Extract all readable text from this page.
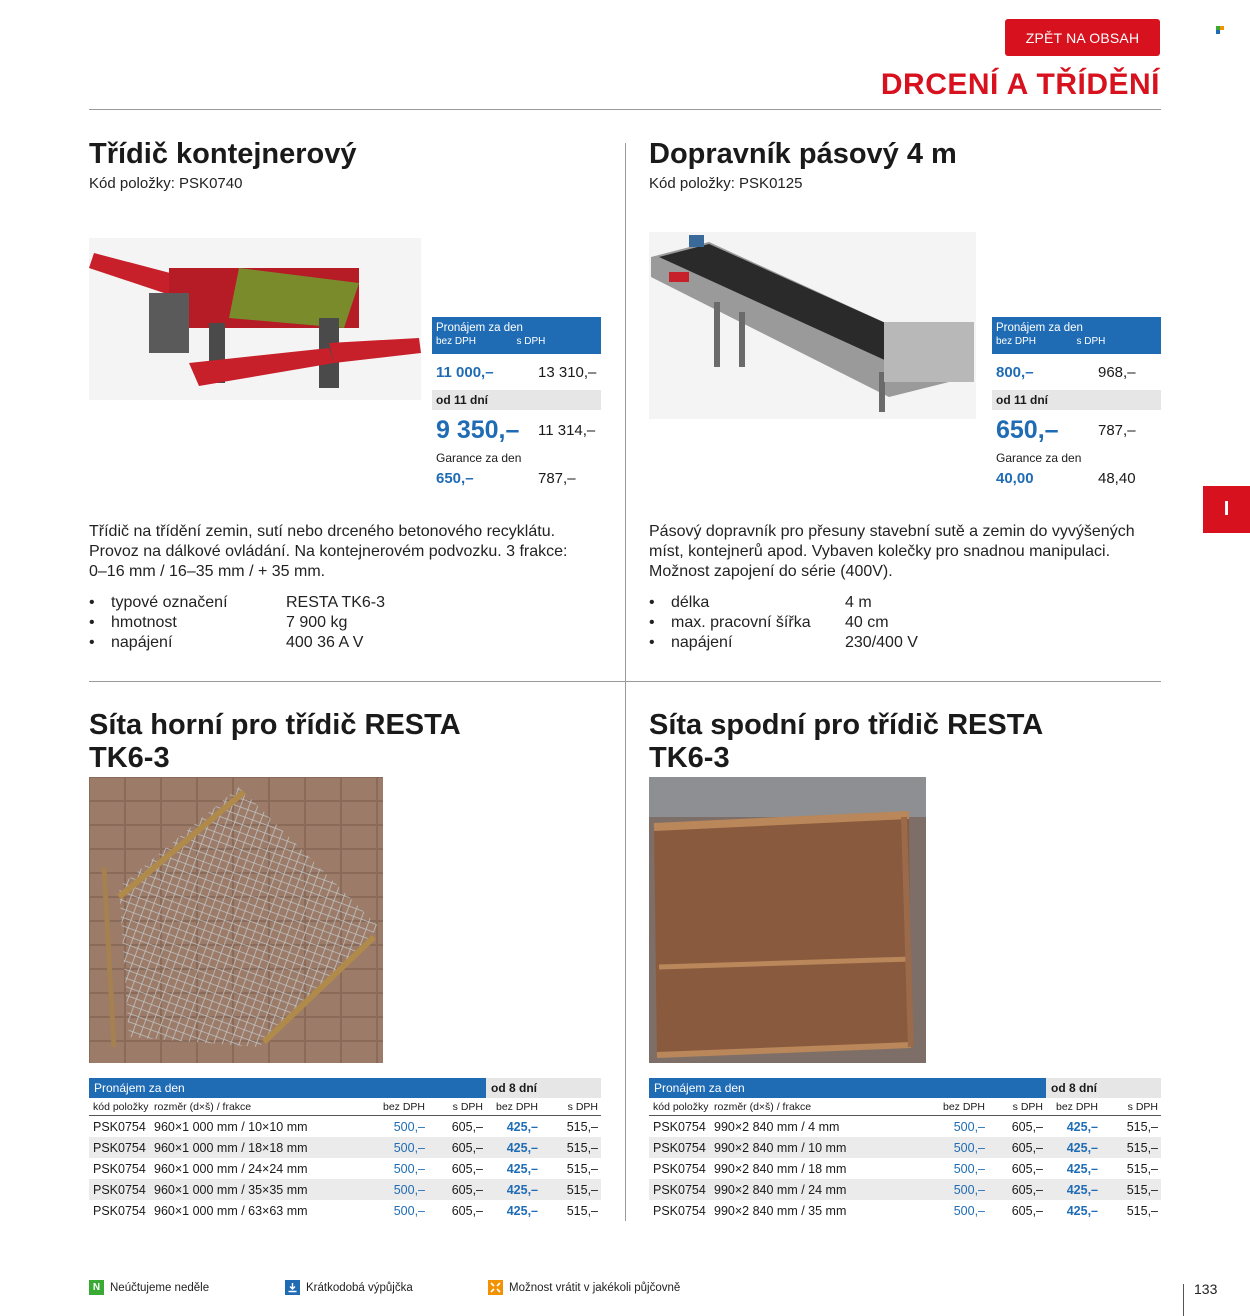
ZPĚT NA OBSAH
DRCENÍ A TŘÍDĚNÍ
I
Třídič kontejnerový
Kód položky: PSK0740
Pronájem za den
bez DPH	s DPH
11 000,–	13 310,–
od 11 dní
9 350,–	11 314,–
Garance za den
650,–	787,–
Třídič na třídění zemin, sutí nebo drceného betonového recyklátu. Provoz na dálkové ovládání. Na kontejnerovém podvozku. 3 frakce: 0–16 mm / 16–35 mm / + 35 mm.
• typové označení	RESTA TK6-3
• hmotnost	7 900 kg
• napájení	400 36 A V
Dopravník pásový 4 m
Kód položky: PSK0125
Pronájem za den
bez DPH	s DPH
800,–	968,–
od 11 dní
650,–	787,–
Garance za den
40,00	48,40
Pásový dopravník pro přesuny stavební sutě a zemin do vyvýšených míst, kontejnerů apod. Vybaven kolečky pro snadnou manipulaci. Možnost zapojení do série (400V).
• délka	4 m
• max. pracovní šířka 40 cm
• napájení	230/400 V
Síta horní pro třídič RESTA
TK6-3
Pronájem za den	od 8 dní
kód položky rozměr (d×š) / frakce	bez DPH	s DPH	bez DPH	s DPH
PSK0754 960×1 000 mm / 10×10 mm	500,–	605,–	425,–	515,–
PSK0754 960×1 000 mm / 18×18 mm	500,–	605,–	425,–	515,–
PSK0754 960×1 000 mm / 24×24 mm	500,–	605,–	425,–	515,–
PSK0754 960×1 000 mm / 35×35 mm	500,–	605,–	425,–	515,–
PSK0754 960×1 000 mm / 63×63 mm	500,–	605,–	425,–	515,–
Síta spodní pro třídič RESTA
TK6-3
Pronájem za den	od 8 dní
kód položky rozměr (d×š) / frakce	bez DPH	s DPH	bez DPH	s DPH
PSK0754 990×2 840 mm / 4 mm	500,–	605,–	425,–	515,–
PSK0754 990×2 840 mm / 10 mm	500,–	605,–	425,–	515,–
PSK0754 990×2 840 mm / 18 mm	500,–	605,–	425,–	515,–
PSK0754 990×2 840 mm / 24 mm	500,–	605,–	425,–	515,–
PSK0754 990×2 840 mm / 35 mm	500,–	605,–	425,–	515,–
N Neúčtujeme neděle	Krátkodobá výpůjčka	Možnost vrátit v jakékoli půjčovně	133
